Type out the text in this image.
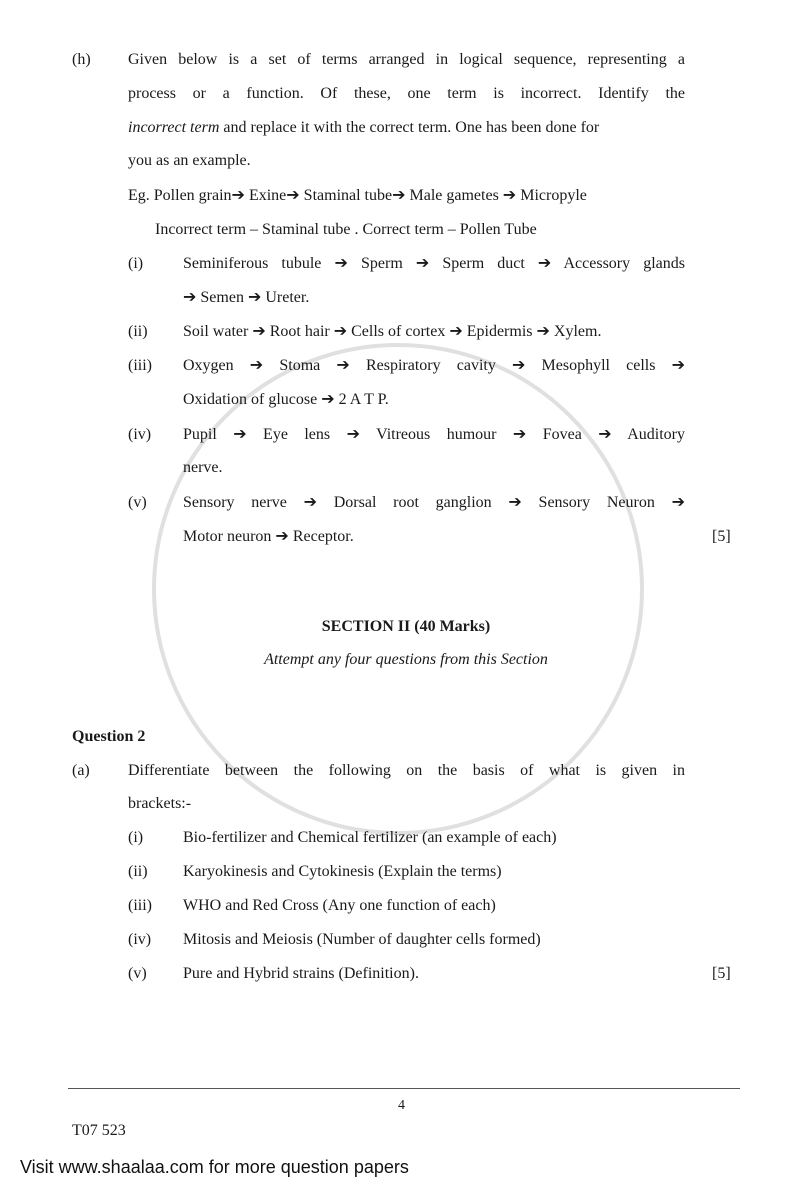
(h) Given below is a set of terms arranged in logical sequence, representing a
process or a function. Of these, one term is incorrect. Identify the
incorrect term and replace it with the correct term. One has been done for
you as an example.
Eg. Pollen grain➔ Exine➔ Staminal tube➔ Male gametes ➔ Micropyle
Incorrect term – Staminal tube . Correct term – Pollen Tube
(i) Seminiferous tubule ➔ Sperm ➔ Sperm duct ➔ Accessory glands
➔ Semen ➔ Ureter.
(ii) Soil water ➔ Root hair ➔ Cells of cortex ➔ Epidermis ➔ Xylem.
(iii) Oxygen ➔ Stoma ➔ Respiratory cavity ➔ Mesophyll cells ➔
Oxidation of glucose ➔ 2 A T P.
(iv) Pupil ➔ Eye lens ➔ Vitreous humour ➔ Fovea ➔ Auditory
nerve.
(v) Sensory nerve ➔ Dorsal root ganglion ➔ Sensory Neuron ➔
Motor neuron ➔ Receptor.	[5]
SECTION II (40 Marks)
Attempt any four questions from this Section
Question 2
(a) Differentiate between the following on the basis of what is given in
brackets:-
(i) Bio-fertilizer and Chemical fertilizer (an example of each)
(ii) Karyokinesis and Cytokinesis (Explain the terms)
(iii) WHO and Red Cross (Any one function of each)
(iv) Mitosis and Meiosis (Number of daughter cells formed)
(v) Pure and Hybrid strains (Definition).	[5]
4
T07 523
Visit www.shaalaa.com for more question papers
